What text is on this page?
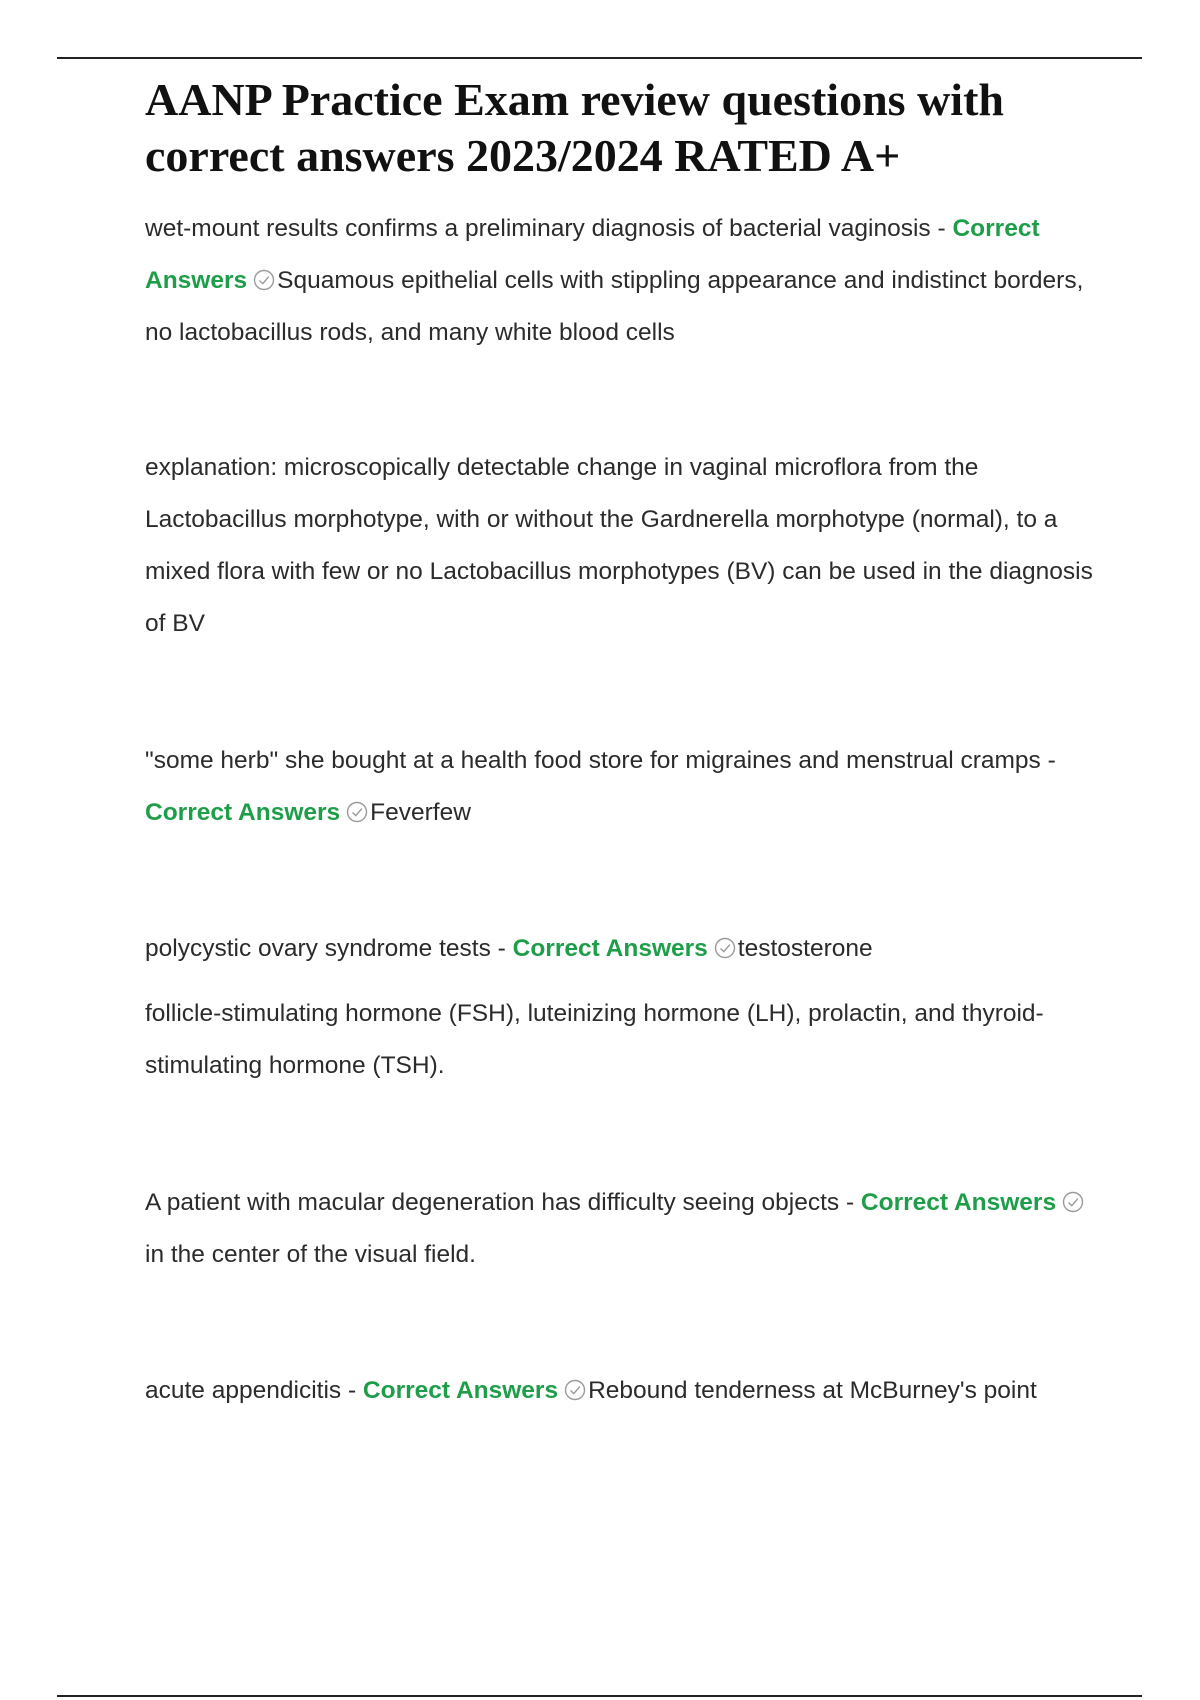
AANP Practice Exam review questions with correct answers 2023/2024 RATED A+

wet-mount results confirms a preliminary diagnosis of bacterial vaginosis - Correct Answers Squamous epithelial cells with stippling appearance and indistinct borders, no lactobacillus rods, and many white blood cells

explanation: microscopically detectable change in vaginal microflora from the Lactobacillus morphotype, with or without the Gardnerella morphotype (normal), to a mixed flora with few or no Lactobacillus morphotypes (BV) can be used in the diagnosis of BV

"some herb" she bought at a health food store for migraines and menstrual cramps - Correct Answers Feverfew

polycystic ovary syndrome tests - Correct Answers testosterone

follicle-stimulating hormone (FSH), luteinizing hormone (LH), prolactin, and thyroid-stimulating hormone (TSH).

A patient with macular degeneration has difficulty seeing objects - Correct Answers
in the center of the visual field.

acute appendicitis - Correct Answers Rebound tenderness at McBurney's point
